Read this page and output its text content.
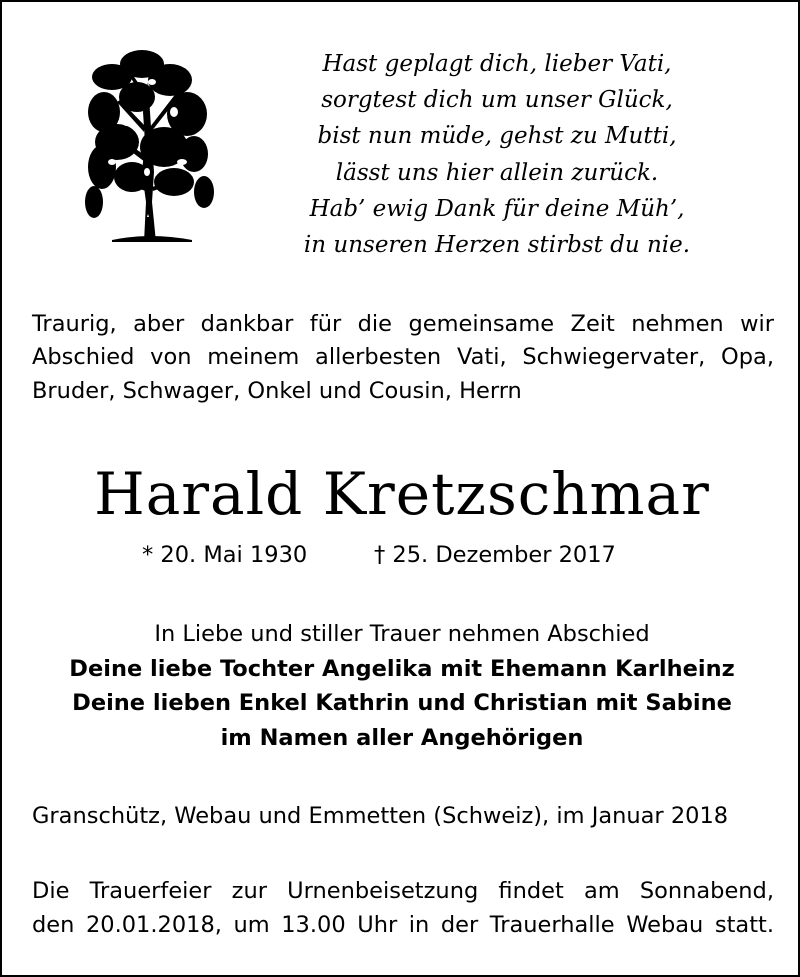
Hast geplagt dich, lieber Vati,
sorgtest dich um unser Glück,
bist nun müde, gehst zu Mutti,
lässt uns hier allein zurück.
Hab’ ewig Dank für deine Müh’,
in unseren Herzen stirbst du nie.
Traurig, aber dankbar für die gemeinsame Zeit nehmen wir
Abschied von meinem allerbesten Vati, Schwiegervater, Opa,
Bruder, Schwager, Onkel und Cousin, Herrn
Harald Kretzschmar
* 20. Mai 1930	† 25. Dezember 2017
In Liebe und stiller Trauer nehmen Abschied
Deine liebe Tochter Angelika mit Ehemann Karlheinz
Deine lieben Enkel Kathrin und Christian mit Sabine
im Namen aller Angehörigen
Granschütz, Webau und Emmetten (Schweiz), im Januar 2018
Die Trauerfeier zur Urnenbeisetzung findet am Sonnabend,
den 20.01.2018, um 13.00 Uhr in der Trauerhalle Webau statt.
